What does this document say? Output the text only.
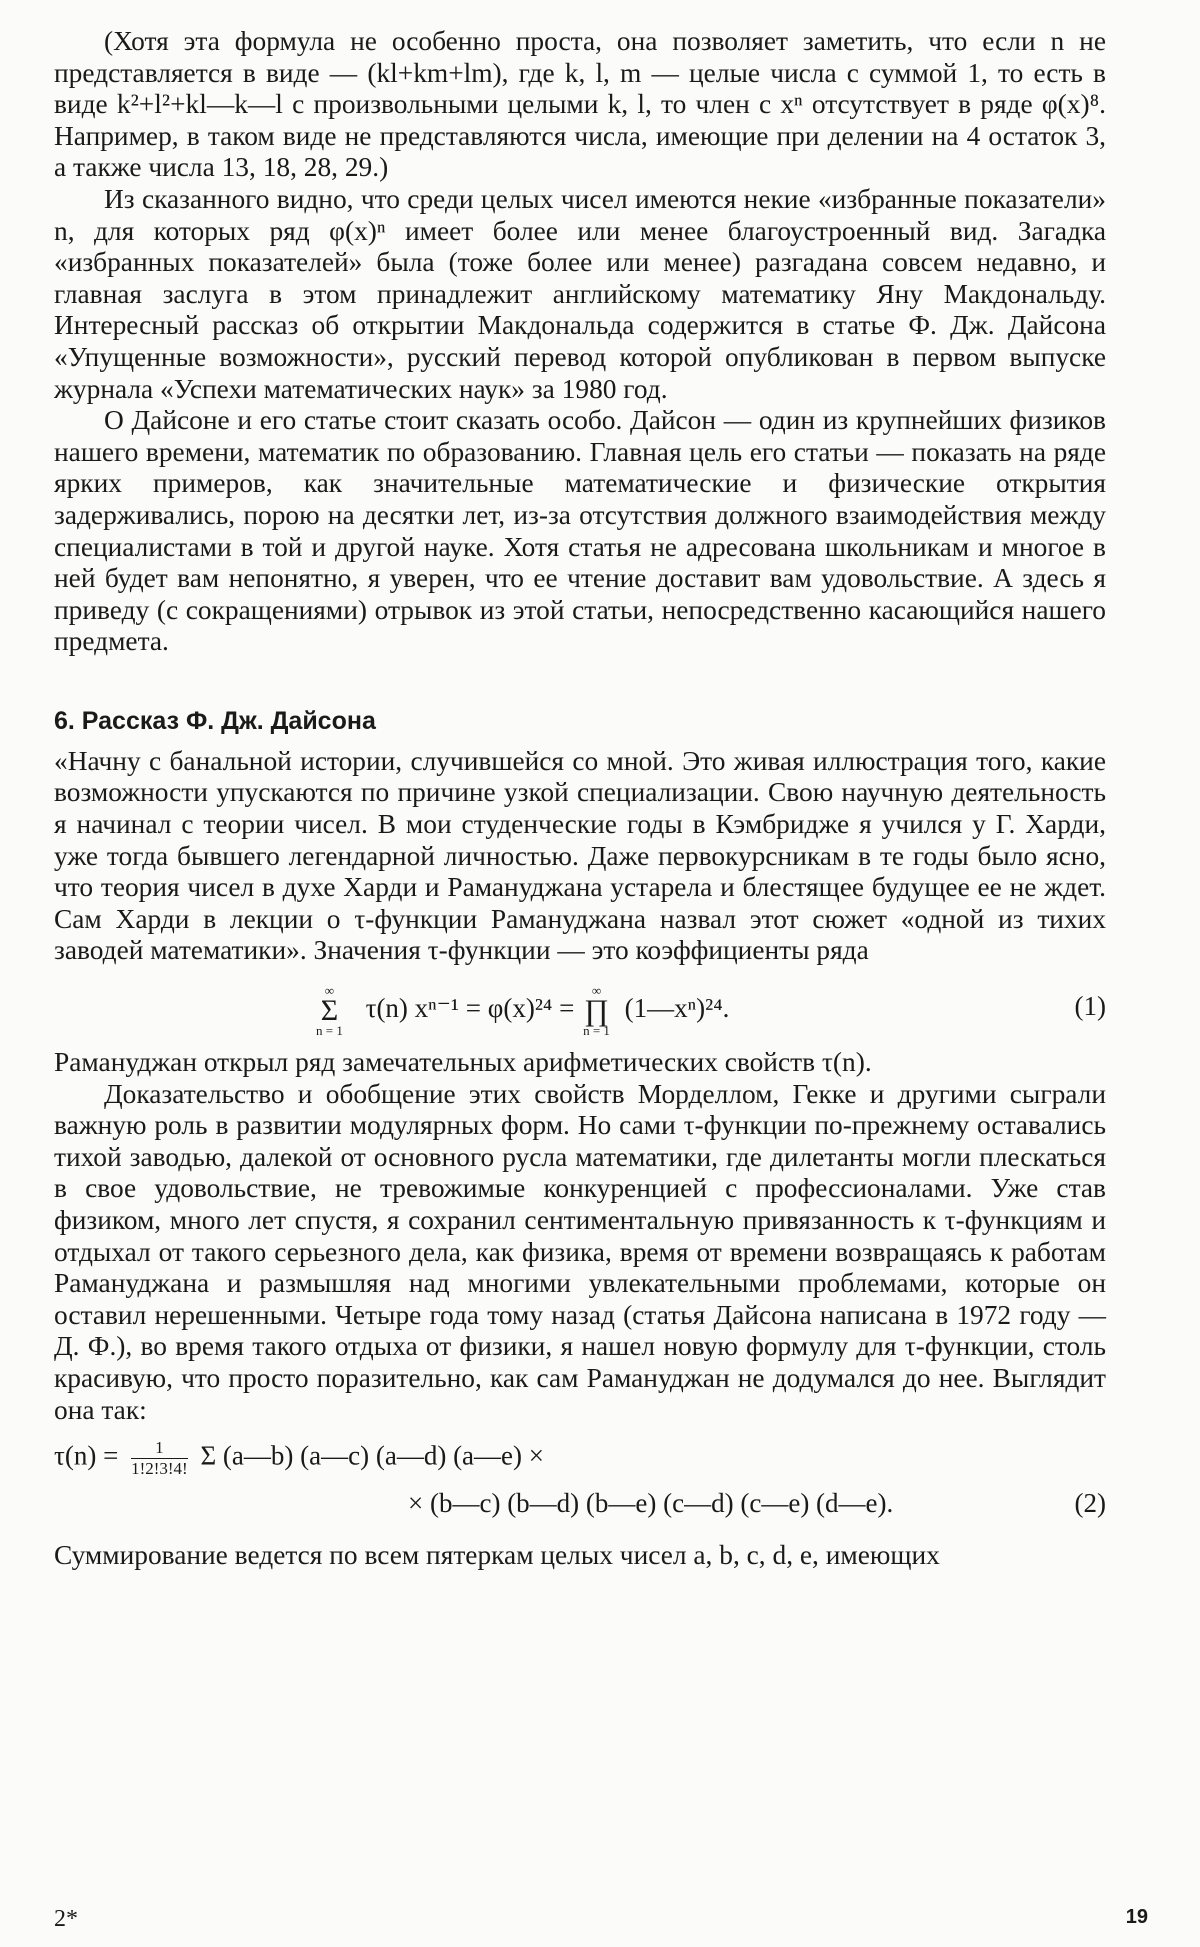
(Хотя эта формула не особенно проста, она позволяет заметить, что если n не представляется в виде — (kl+km+lm), где k, l, m — целые числа с суммой 1, то есть в виде k²+l²+kl—k—l с произвольными целыми k, l, то член с xⁿ отсутствует в ряде φ(x)⁸. Например, в таком виде не представляются числа, имеющие при делении на 4 остаток 3, а также числа 13, 18, 28, 29.)

Из сказанного видно, что среди целых чисел имеются некие «избранные показатели» n, для которых ряд φ(x)ⁿ имеет более или менее благоустроенный вид. Загадка «избранных показателей» была (тоже более или менее) разгадана совсем недавно, и главная заслуга в этом принадлежит английскому математику Яну Макдональду. Интересный рассказ об открытии Макдональда содержится в статье Ф. Дж. Дайсона «Упущенные возможности», русский перевод которой опубликован в первом выпуске журнала «Успехи математических наук» за 1980 год.

О Дайсоне и его статье стоит сказать особо. Дайсон — один из крупнейших физиков нашего времени, математик по образованию. Главная цель его статьи — показать на ряде ярких примеров, как значительные математические и физические открытия задерживались, порою на десятки лет, из-за отсутствия должного взаимодействия между специалистами в той и другой науке. Хотя статья не адресована школьникам и многое в ней будет вам непонятно, я уверен, что ее чтение доставит вам удовольствие. А здесь я приведу (с сокращениями) отрывок из этой статьи, непосредственно касающийся нашего предмета.

6. Рассказ Ф. Дж. Дайсона

«Начну с банальной истории, случившейся со мной. Это живая иллюстрация того, какие возможности упускаются по причине узкой специализации. Свою научную деятельность я начинал с теории чисел. В мои студенческие годы в Кэмбридже я учился у Г. Харди, уже тогда бывшего легендарной личностью. Даже первокурсникам в те годы было ясно, что теория чисел в духе Харди и Рамануджана устарела и блестящее будущее ее не ждет. Сам Харди в лекции о τ-функции Рамануджана назвал этот сюжет «одной из тихих заводей математики». Значения τ-функции — это коэффициенты ряда

∞
Σ
n = 1
τ(n) xⁿ⁻¹ = φ(x)²⁴ =
∞
∏
n = 1
(1—xⁿ)²⁴.	(1)

Рамануджан открыл ряд замечательных арифметических свойств τ(n).

Доказательство и обобщение этих свойств Морделлом, Гекке и другими сыграли важную роль в развитии модулярных форм. Но сами τ-функции по-прежнему оставались тихой заводью, далекой от основного русла математики, где дилетанты могли плескаться в свое удовольствие, не тревожимые конкуренцией с профессионалами. Уже став физиком, много лет спустя, я сохранил сентиментальную привязанность к τ-функциям и отдыхал от такого серьезного дела, как физика, время от времени возвращаясь к работам Рамануджана и размышляя над многими увлекательными проблемами, которые он оставил нерешенными. Четыре года тому назад (статья Дайсона написана в 1972 году — Д. Ф.), во время такого отдыха от физики, я нашел новую формулу для τ-функции, столь красивую, что просто поразительно, как сам Рамануджан не додумался до нее. Выглядит она так:

$\tau(n) = \frac{1}{1!2!3!4!}$ Σ (a—b) (a—c) (a—d) (a—e) ×
× (b—c) (b—d) (b—e) (c—d) (c—e) (d—e).	(2)

Суммирование ведется по всем пятеркам целых чисел a, b, c, d, e, имеющих

2*	19
